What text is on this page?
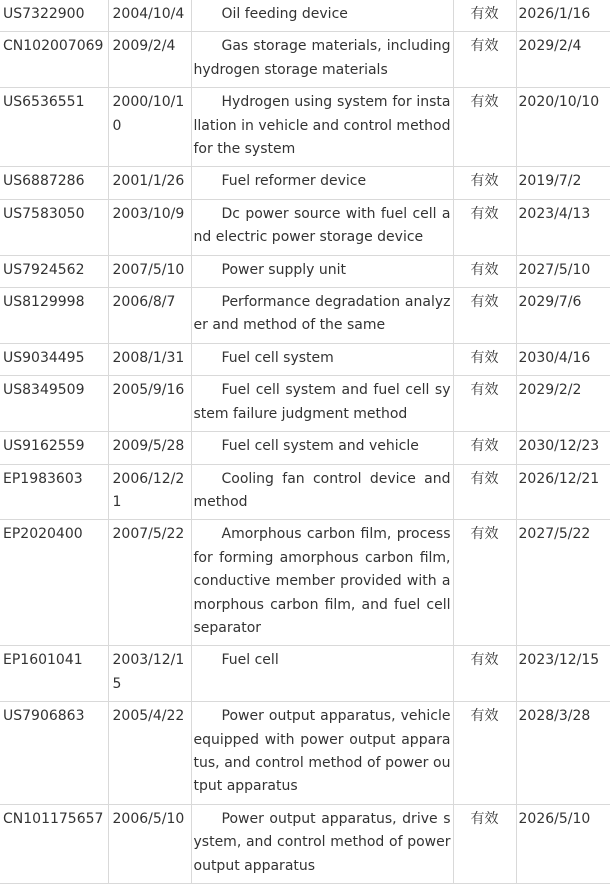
US7322900	2004/10/4	Oil feeding device	有效	2026/1/16
CN102007069	2009/2/4	Gas storage materials, including hydrogen storage materials	有效	2029/2/4
US6536551	2000/10/10	Hydrogen using system for installation in vehicle and control method for the system	有效	2020/10/10
US6887286	2001/1/26	Fuel reformer device	有效	2019/7/2
US7583050	2003/10/9	Dc power source with fuel cell and electric power storage device	有效	2023/4/13
US7924562	2007/5/10	Power supply unit	有效	2027/5/10
US8129998	2006/8/7	Performance degradation analyzer and method of the same	有效	2029/7/6
US9034495	2008/1/31	Fuel cell system	有效	2030/4/16
US8349509	2005/9/16	Fuel cell system and fuel cell system failure judgment method	有效	2029/2/2
US9162559	2009/5/28	Fuel cell system and vehicle	有效	2030/12/23
EP1983603	2006/12/21	Cooling fan control device and method	有效	2026/12/21
EP2020400	2007/5/22	Amorphous carbon film, process for forming amorphous carbon film, conductive member provided with amorphous carbon film, and fuel cell separator	有效	2027/5/22
EP1601041	2003/12/15	Fuel cell	有效	2023/12/15
US7906863	2005/4/22	Power output apparatus, vehicle equipped with power output apparatus, and control method of power output apparatus	有效	2028/3/28
CN101175657	2006/5/10	Power output apparatus, drive system, and control method of power output apparatus	有效	2026/5/10
